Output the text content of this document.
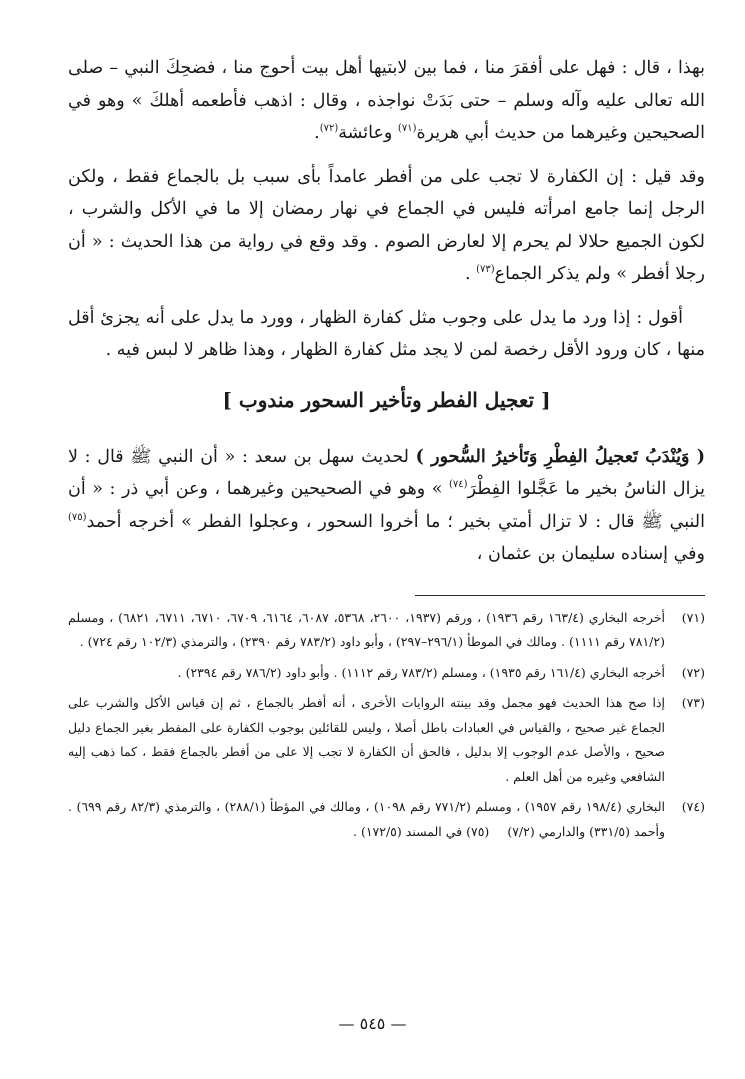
بهذا ، قال : فهل على أفقرَ منا ، فما بين لابتيها أهل بيت أحوج منا ، فضحِكَ النبي – صلى الله تعالى عليه وآله وسلم – حتى بَدَتْ نواجذه ، وقال : اذهب فأطعمه أهلكَ » وهو في الصحيحين وغيرهما من حديث أبي هريرة$^{(٧١)}$ وعائشة$^{(٧٢)}$.

وقد قيل : إن الكفارة لا تجب على من أفطر عامداً بأى سبب بل بالجماع فقط ، ولكن الرجل إنما جامع امرأته فليس في الجماع في نهار رمضان إلا ما في الأكل والشرب ، لكون الجميع حلالا لم يحرم إلا لعارض الصوم . وقد وقع في رواية من هذا الحديث : « أن رجلا أفطر » ولم يذكر الجماع$^{(٧٣)}$ .

أقول : إذا ورد ما يدل على وجوب مثل كفارة الظهار ، وورد ما يدل على أنه يجزئ أقل منها ، كان ورود الأقل رخصة لمن لا يجد مثل كفارة الظهار ، وهذا ظاهر لا لبس فيه .

[ تعجيل الفطر وتأخير السحور مندوب ]

( وَيُنْدَبُ تَعجيلُ الفِطْرِ وَتَأخيرُ السُّحور ) لحديث سهل بن سعد : « أن النبي ﷺ قال : لا يزال الناسُ بخير ما عَجَّلوا الفِطْرَ$^{(٧٤)}$ » وهو في الصحيحين وغيرهما ، وعن أبي ذر : « أن النبي ﷺ قال : لا تزال أمتي بخير ؛ ما أخروا السحور ، وعجلوا الفطر » أخرجه أحمد$^{(٧٥)}$ وفي إسناده سليمان بن عثمان ،

(٧١)
أخرجه البخاري (١٦٣/٤ رقم ١٩٣٦) ، ورقم (١٩٣٧، ٢٦٠٠، ٥٣٦٨، ٦٠٨٧، ٦١٦٤، ٦٧٠٩، ٦٧١٠، ٦٧١١، ٦٨٢١) ، ومسلم (٧٨١/٢ رقم ١١١١) . ومالك في الموطأ (٢٩٦/١–٢٩٧) ، وأبو داود (٧٨٣/٢ رقم ٢٣٩٠) ، والترمذي (١٠٢/٣ رقم ٧٢٤) .
(٧٢)
أخرجه البخاري (١٦١/٤ رقم ١٩٣٥) ، ومسلم (٧٨٣/٢ رقم ١١١٢) . وأبو داود (٧٨٦/٢ رقم ٢٣٩٤) .
(٧٣)
إذا صح هذا الحديث فهو مجمل وقد بينته الروايات الأخرى ، أنه أفطر بالجماع ، ثم إن قياس الأكل والشرب على الجماع غير صحيح ، والقياس في العبادات باطل أصلا ، وليس للقائلين بوجوب الكفارة على المفطر بغير الجماع دليل صحيح ، والأصل عدم الوجوب إلا بدليل ، فالحق أن الكفارة لا تجب إلا على من أفطر بالجماع فقط ، كما ذهب إليه الشافعي وغيره من أهل العلم .
(٧٤)
البخاري (١٩٨/٤ رقم ١٩٥٧) ، ومسلم (٧٧١/٢ رقم ١٠٩٨) ، ومالك في المؤطأ (٢٨٨/١) ، والترمذي (٨٢/٣ رقم ٦٩٩) . وأحمد (٣٣١/٥) والدارمي (٧/٢)(٧٥) في المسند (١٧٢/٥) .
— ٥٤٥ —
